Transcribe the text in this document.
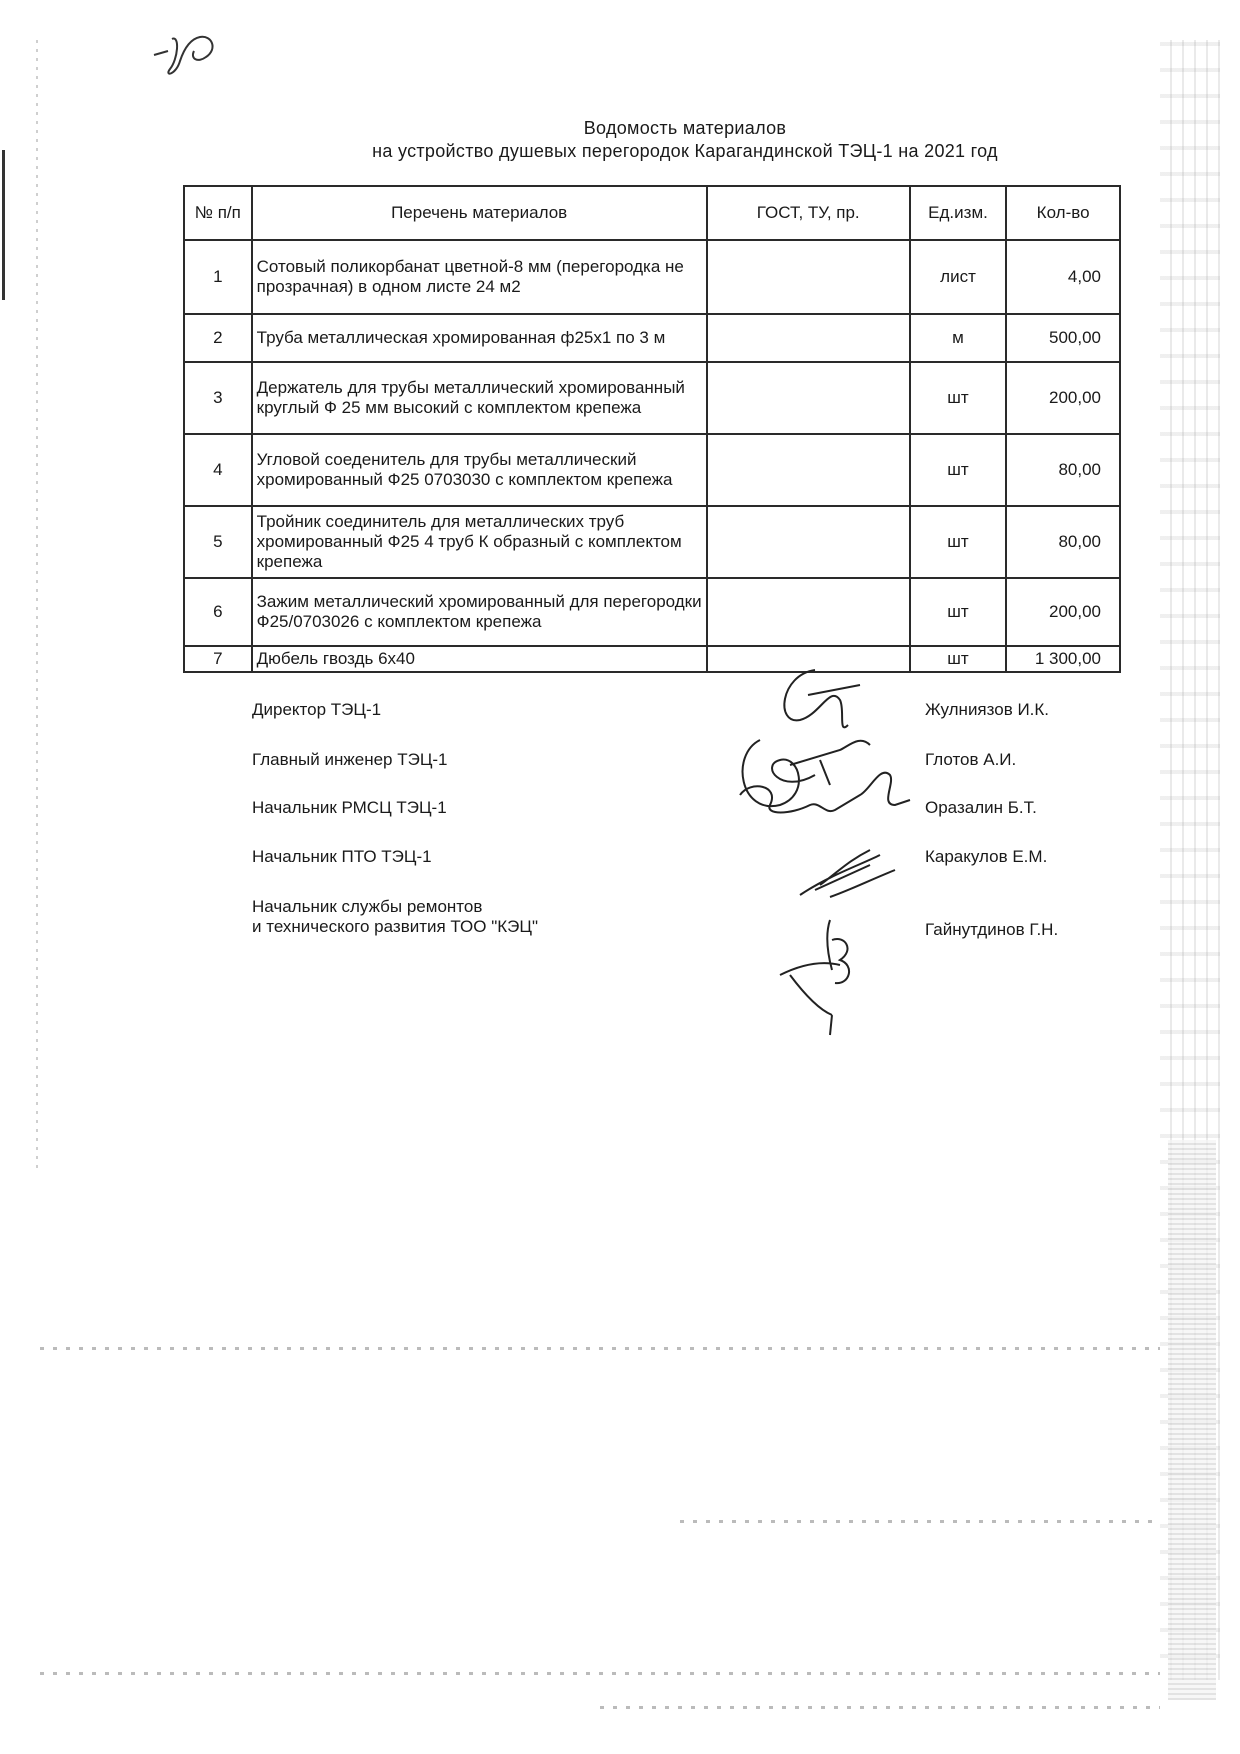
Водомость материалов
на устройство душевых перегородок Карагандинской ТЭЦ-1 на 2021 год
№ п/п	Перечень материалов	ГОСТ, ТУ, пр.	Ед.изм.	Кол-во
1	Сотовый поликорбанат цветной-8 мм (перегородка не прозрачная) в одном листе 24 м2		лист	4,00
2	Труба металлическая хромированная ф25х1 по 3 м		м	500,00
3	Держатель для трубы металлический хромированный круглый Ф 25 мм высокий с комплектом крепежа		шт	200,00
4	Угловой соеденитель для трубы металлический хромированный Ф25 0703030 с комплектом крепежа		шт	80,00
5	Тройник соединитель для металлических труб хромированный Ф25 4 труб К образный с комплектом крепежа		шт	80,00
6	Зажим металлический хромированный для перегородки Ф25/0703026 с комплектом крепежа		шт	200,00
7	Дюбель гвоздь 6х40		шт	1 300,00
Директор ТЭЦ-1	Жулниязов И.К.
Главный инженер ТЭЦ-1	Глотов А.И.
Начальник РМСЦ ТЭЦ-1	Оразалин Б.Т.
Начальник ПТО ТЭЦ-1	Каракулов Е.М.
Начальник службы ремонтов
и технического развития ТОО "КЭЦ"	Гайнутдинов Г.Н.
